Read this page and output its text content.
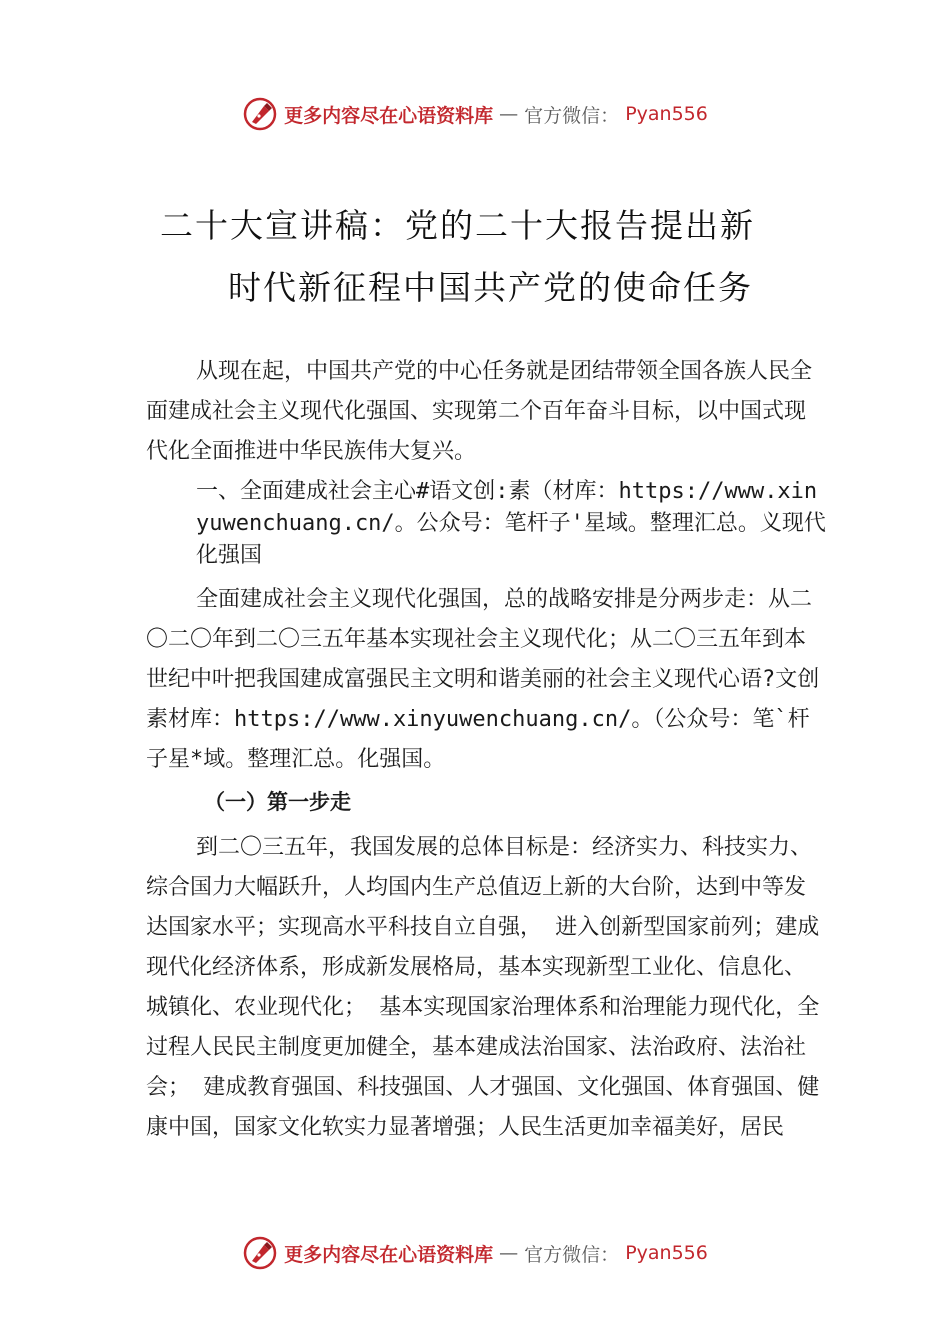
更多内容尽在心语资料库 — 官方微信： Pyan556
二十大宣讲稿：党的二十大报告提出新
时代新征程中国共产党的使命任务

从现在起，中国共产党的中心任务就是团结带领全国各族人民全面建成社会主义现代化强国、实现第二个百年奋斗目标，以中国式现代化全面推进中华民族伟大复兴。

一、全面建成社会主心#语文创:素（材库：https://www.xinyuwenchuang.cn/。公众号：笔杆子'星域。整理汇总。义现代化强国

全面建成社会主义现代化强国，总的战略安排是分两步走：从二〇二〇年到二〇三五年基本实现社会主义现代化；从二〇三五年到本世纪中叶把我国建成富强民主文明和谐美丽的社会主义现代心语?文创素材库：https://www.xinyuwenchuang.cn/。（公众号：笔`杆子星*域。整理汇总。化强国。

（一）第一步走

到二〇三五年，我国发展的总体目标是：经济实力、科技实力、综合国力大幅跃升，人均国内生产总值迈上新的大台阶，达到中等发达国家水平；实现高水平科技自立自强， 进入创新型国家前列；建成现代化经济体系，形成新发展格局，基本实现新型工业化、信息化、城镇化、农业现代化； 基本实现国家治理体系和治理能力现代化，全过程人民民主制度更加健全，基本建成法治国家、法治政府、法治社会； 建成教育强国、科技强国、人才强国、文化强国、体育强国、健康中国，国家文化软实力显著增强；人民生活更加幸福美好，居民

更多内容尽在心语资料库 — 官方微信： Pyan556
